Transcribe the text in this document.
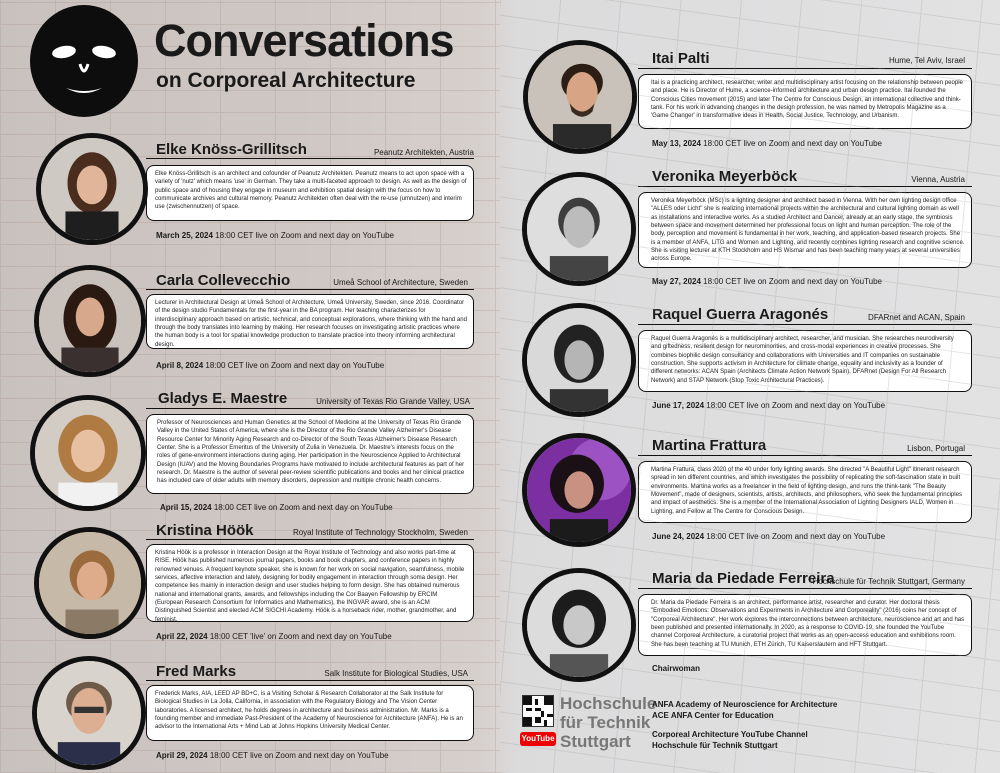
Conversations
on Corporeal Architecture
Elke Knöss-Grillitsch	Peanutz Architekten, Austria
Elke Knöss-Grillitsch is an architect and cofounder of Peanutz Architekten. Peanutz means to act upon space with a variety of 'nutz' which means 'use' in German. They take a multi-faceted approach to design. As well as the design of public space and of housing they engage in museum and exhibition spatial design with the focus on how to communicate archives and cultural memory. Peanutz Architekten often deal with the re-use (umnutzen) and interim use (zwischennutzen) of space.
March 25, 2024 18:00 CET live on Zoom and next day on YouTube
Carla Collevecchio	Umeå School of Architecture, Sweden
Lecturer in Architectural Design at Umeå School of Architecture, Umeå University, Sweden, since 2016. Coordinator of the design studio Fundamentals for the first-year in the BA program. Her teaching characterizes for interdisciplinary approach based on artistic, technical, and conceptual explorations, where thinking with the hand and through the body translates into learning by making. Her research focuses on investigating artistic practices where the human body is a tool for spatial knowledge production to translate practice into theory informing architectural design.
April 8, 2024 18:00 CET live on Zoom and next day on YouTube
Gladys E. Maestre	University of Texas Rio Grande Valley, USA
Professor of Neurosciences and Human Genetics at the School of Medicine at the University of Texas Rio Grande Valley in the United States of America, where she is the Director of the Rio Grande Valley Alzheimer's Disease Resource Center for Minority Aging Research and co-Director of the South Texas Alzheimer's Disease Research Center. She is a Professor Emeritus of the University of Zulia in Venezuela. Dr. Maestre's interests focus on the roles of gene-environment interactions during aging. Her participation in the Neuroscience Applied to Architectural Design (IUAV) and the Moving Boundaries Programs have motivated to include architectural features as part of her research. Dr. Maestre is the author of several peer-review scientific publications and books and her clinical practice has included care of older adults with memory disorders, depression and multiple chronic health concerns.
April 15, 2024 18:00 CET live on Zoom and next day on YouTube
Kristina Höök	Royal Institute of Technology Stockholm, Sweden
Kristina Höök is a professor in Interaction Design at the Royal Institute of Technology and also works part-time at RISE. Höök has published numerous journal papers, books and book chapters, and conference papers in highly renowned venues. A frequent keynote speaker, she is known for her work on social navigation, seamfulness, mobile services, affective interaction and lately, designing for bodily engagement in interaction through soma design. Her competence lies mainly in interaction design and user studies helping to form design. She has obtained numerous national and international grants, awards, and fellowships including the Cor Baayen Fellowship by ERCIM (European Research Consortium for Informatics and Mathematics), the INGVAR award, she is an ACM Distinguished Scientist and elected ACM SIGCHI Academy. Höök is a horseback rider, mother, grandmother, and feminist.
April 22, 2024 18:00 CET 'live' on Zoom and next day on YouTube
Fred Marks	Salk Institute for Biological Studies, USA
Frederick Marks, AIA, LEED AP BD+C, is a Visiting Scholar & Research Collaborator at the Salk Institute for Biological Studies in La Jolla, California, in association with the Regulatory Biology and The Vision Center laboratories. A licensed architect, he holds degrees in architecture and business administration. Mr. Marks is a founding member and immediate Past-President of the Academy of Neuroscience for Architecture (ANFA). He is an advisor to the International Arts + Mind Lab at Johns Hopkins University Medical Center.
April 29, 2024 18:00 CET live on Zoom and next day on YouTube
Itai Palti	Hume, Tel Aviv, Israel
Itai is a practicing architect, researcher, writer and multidisciplinary artist focusing on the relationship between people and place. He is Director of Hume, a science-informed architecture and urban design practice. Itai founded the Conscious Cities movement (2015) and later The Centre for Conscious Design, an international collective and think-tank. For his work in advancing changes in the design profession, he was named by Metropolis Magazine as a 'Game Changer' in transformative ideas in Health, Social Justice, Technology, and Urbanism.
May 13, 2024 18:00 CET live on Zoom and next day on YouTube
Veronika Meyerböck	Vienna, Austria
Veronika Meyerböck (MSc) is a lighting designer and architect based in Vienna. With her own lighting design office "ALLES oder Licht" she is realizing international projects within the architectural and cultural lighting domain as well as installations and interactive works. As a studied Architect and Dancer, already at an early stage, the symbiosis between space and movement determined her professional focus on light and human perception. The role of the body, perception and movement is fundamental in her work, teaching, and application-based research projects. She is a member of ANFA, LiTG and Women and Lighting, and recently combines lighting research and cognitive science. She is visiting lecturer at KTH Stockholm and HS Wismar and has been teaching many years at several universities across Europe.
May 27, 2024 18:00 CET live on Zoom and next day on YouTube
Raquel Guerra Aragonés	DFARnet and ACAN, Spain
Raquel Guerra Aragonés is a multidisciplinary architect, researcher, and musician. She researches neurodiversity and giftedness, resilient design for neurominorities, and cross-modal experiences in creative processes. She combines biophilic design consultancy and collaborations with Universities and IT companies on sustainable construction. She supports activism in Architecture for climate change, equality and inclusivity as a founder of different networks: ACAN Spain (Architects Climate Action Network Spain), DFARnet (Design For All Research Network) and STAP Network (Stop Toxic Architectural Practices).
June 17, 2024 18:00 CET live on Zoom and next day on YouTube
Martina Frattura	Lisbon, Portugal
Martina Frattura, class 2020 of the 40 under forty lighting awards. She directed "A Beautiful Light" itinerant research spread in ten different countries, and which investigates the possibility of replicating the soft-fascination state in built environments. Martina works as a freelancer in the field of lighting design, and runs the think-tank "The Beauty Movement", made of designers, scientists, artists, architects, and philosophers, who seek the fundamental principles and impact of aesthetics. She is a member of the International Association of Lighting Designers IALD, Women in Lighting, and Fellow at The Centre for Conscious Design.
June 24, 2024 18:00 CET live on Zoom and next day on YouTube
Maria da Piedade Ferreira
Hochschule für Technik Stuttgart, Germany
Dr. Maria da Piedade Ferreira is an architect, performance artist, researcher and curator. Her doctoral thesis "Embodied Emotions: Observations and Experiments in Architecture and Corporeality" (2016) coins her concept of "Corporeal Architecture". Her work explores the interconnections between architecture, neuroscience and art and has been published and presented internationally. In 2020, as a response to COVID-19, she founded the YouTube channel Corporeal Architecture, a curatorial project that works as an open-access education and exhibitions room. She has been teaching at TU Munich, ETH Zürich, TU Kaiserslautern and HFT Stuttgart.
Chairwoman
YouTube
Hochschule
für Technik
Stuttgart
ANFA Academy of Neuroscience for Architecture
ACE ANFA Center for Education
Corporeal Architecture YouTube Channel
Hochschule für Technik Stuttgart
